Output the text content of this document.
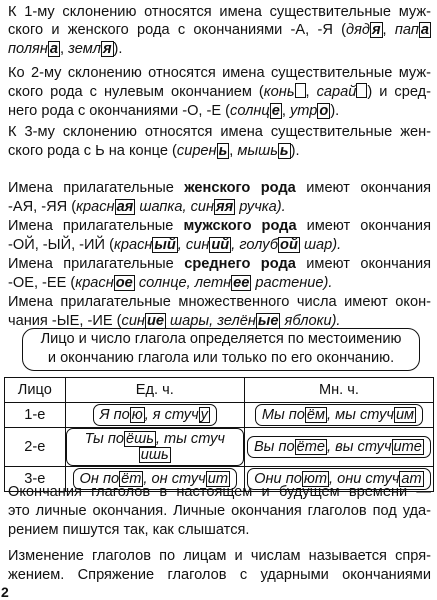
К 1-му склонению относятся имена существительные муж-
ского и женского рода с окончаниями -А, -Я (дяд я , пап а
полян а , земл я ).
Ко 2-му склонению относятся имена существительные муж-
ского рода с нулевым окончанием (конь , сарай ) и сред-
него рода с окончаниями -О, -Е (солнц е , утр о ).
К 3-му склонению относятся имена существительные жен-
ского рода с Ь на конце (сирен ь , мышь ь ).
Имена прилагательные женского рода имеют окончания
-АЯ, -ЯЯ (красн ая шапка, син яя ручка).
Имена прилагательные мужского рода имеют окончания
-ОЙ, -ЫЙ, -ИЙ (красн ый , син ий , голуб ой шар).
Имена прилагательные среднего рода имеют окончания
-ОЕ, -ЕЕ (красн ое солнце, летн ее растение).
Имена прилагательные множественного числа имеют окон-
чания -ЫЕ, -ИЕ (син ие шары, зелён ые яблоки).
Лицо и число глагола определяется по местоимению
и окончанию глагола или только по его окончанию.
Лицо	Ед. ч.	Мн. ч.
1-е	Я по ю , я стуч у	Мы по ём , мы стуч им
2-е	Ты по ёшь , ты стучишь	Вы по ёте , вы стуч ите
3-е	Он по ёт , он стуч ит	Они по ют , они стуч ат
Окончания глаголов в настоящем и будущем времени —
это личные окончания. Личные окончания глаголов под уда-
рением пишутся так, как слышатся.
Изменение глаголов по лицам и числам называется спря-
жением. Спряжение глаголов с ударными окончаниями
2
